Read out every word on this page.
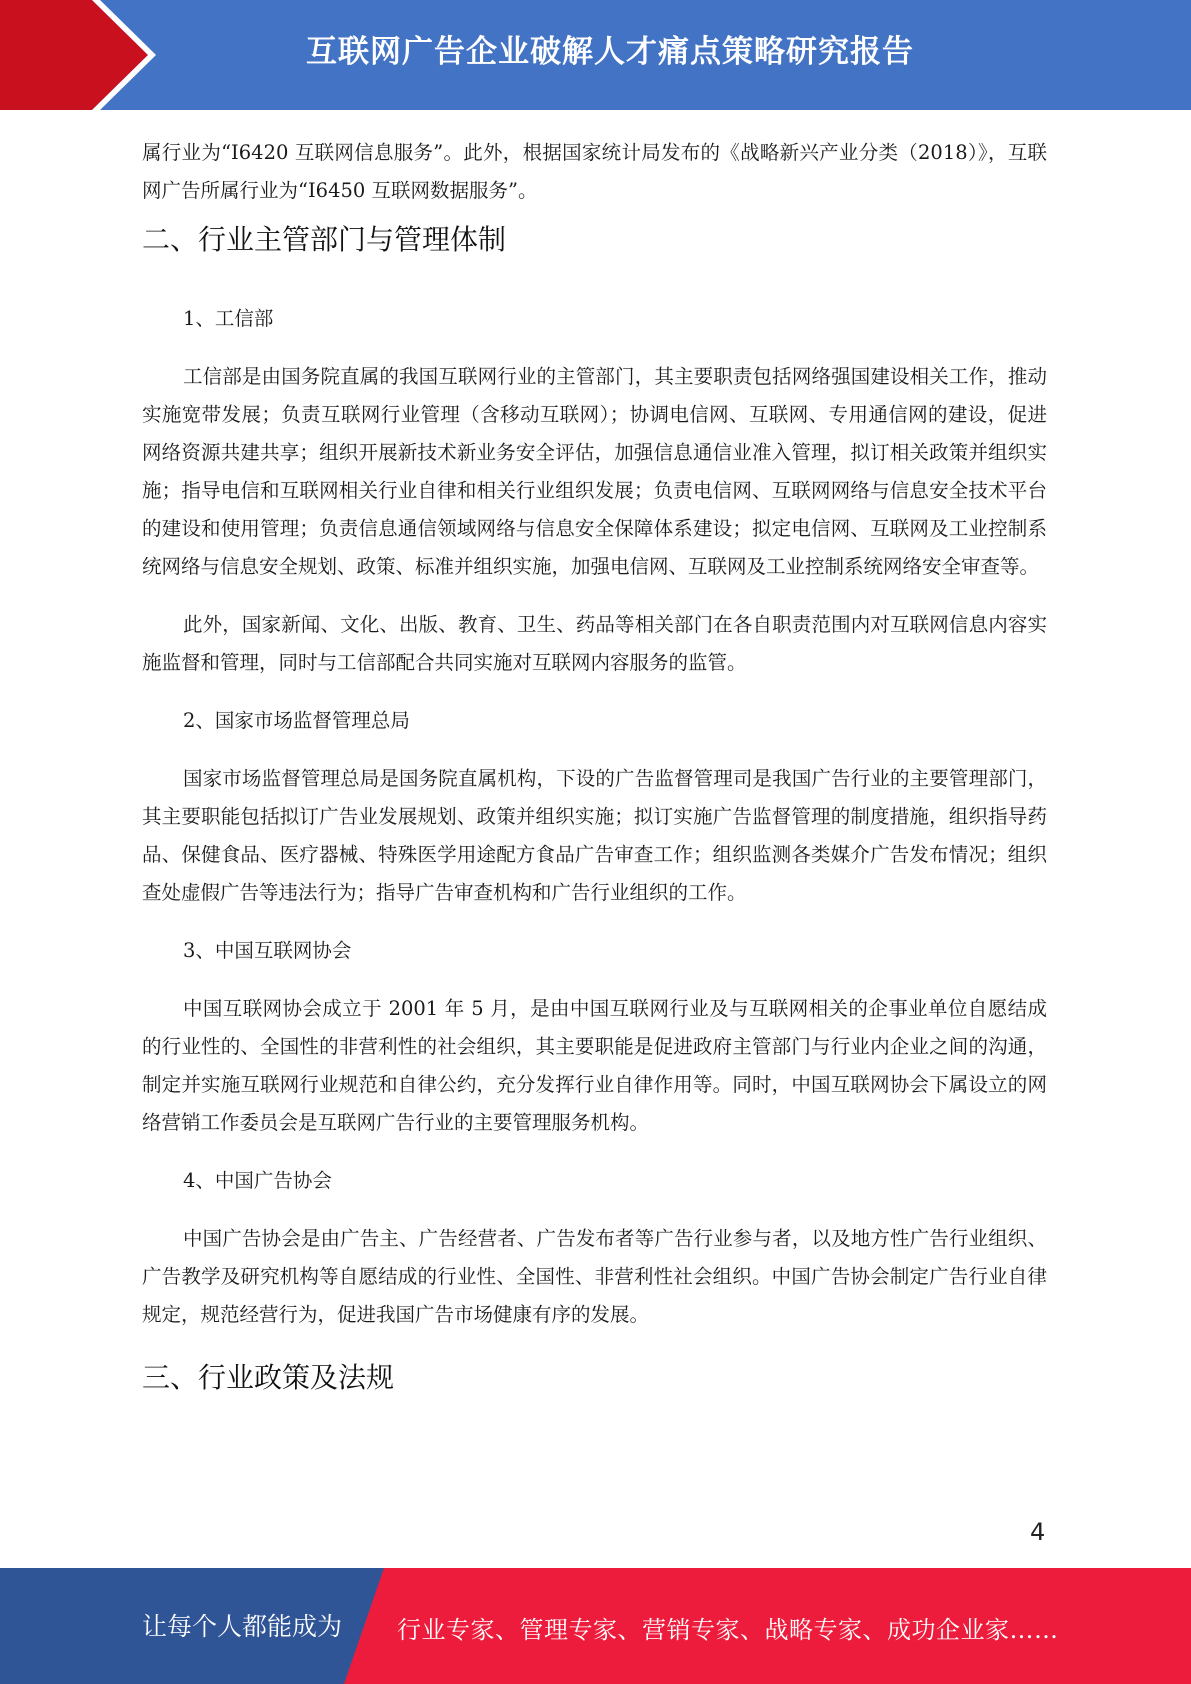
互联网广告企业破解人才痛点策略研究报告

属行业为“I6420 互联网信息服务”。此外，根据国家统计局发布的《战略新兴产业分类（2018）》，互联网广告所属行业为“I6450 互联网数据服务”。

二、行业主管部门与管理体制

1、工信部

工信部是由国务院直属的我国互联网行业的主管部门，其主要职责包括网络强国建设相关工作，推动实施宽带发展；负责互联网行业管理（含移动互联网）；协调电信网、互联网、专用通信网的建设，促进网络资源共建共享；组织开展新技术新业务安全评估，加强信息通信业准入管理，拟订相关政策并组织实施；指导电信和互联网相关行业自律和相关行业组织发展；负责电信网、互联网网络与信息安全技术平台的建设和使用管理；负责信息通信领域网络与信息安全保障体系建设；拟定电信网、互联网及工业控制系统网络与信息安全规划、政策、标准并组织实施，加强电信网、互联网及工业控制系统网络安全审查等。

此外，国家新闻、文化、出版、教育、卫生、药品等相关部门在各自职责范围内对互联网信息内容实施监督和管理，同时与工信部配合共同实施对互联网内容服务的监管。

2、国家市场监督管理总局

国家市场监督管理总局是国务院直属机构，下设的广告监督管理司是我国广告行业的主要管理部门，其主要职能包括拟订广告业发展规划、政策并组织实施；拟订实施广告监督管理的制度措施，组织指导药品、保健食品、医疗器械、特殊医学用途配方食品广告审查工作；组织监测各类媒介广告发布情况；组织查处虚假广告等违法行为；指导广告审查机构和广告行业组织的工作。

3、中国互联网协会

中国互联网协会成立于 2001 年 5 月，是由中国互联网行业及与互联网相关的企事业单位自愿结成的行业性的、全国性的非营利性的社会组织，其主要职能是促进政府主管部门与行业内企业之间的沟通，制定并实施互联网行业规范和自律公约，充分发挥行业自律作用等。同时，中国互联网协会下属设立的网络营销工作委员会是互联网广告行业的主要管理服务机构。

4、中国广告协会

中国广告协会是由广告主、广告经营者、广告发布者等广告行业参与者，以及地方性广告行业组织、广告教学及研究机构等自愿结成的行业性、全国性、非营利性社会组织。中国广告协会制定广告行业自律规定，规范经营行为，促进我国广告市场健康有序的发展。

三、行业政策及法规
4
让每个人都能成为 行业专家、管理专家、营销专家、战略专家、成功企业家……
